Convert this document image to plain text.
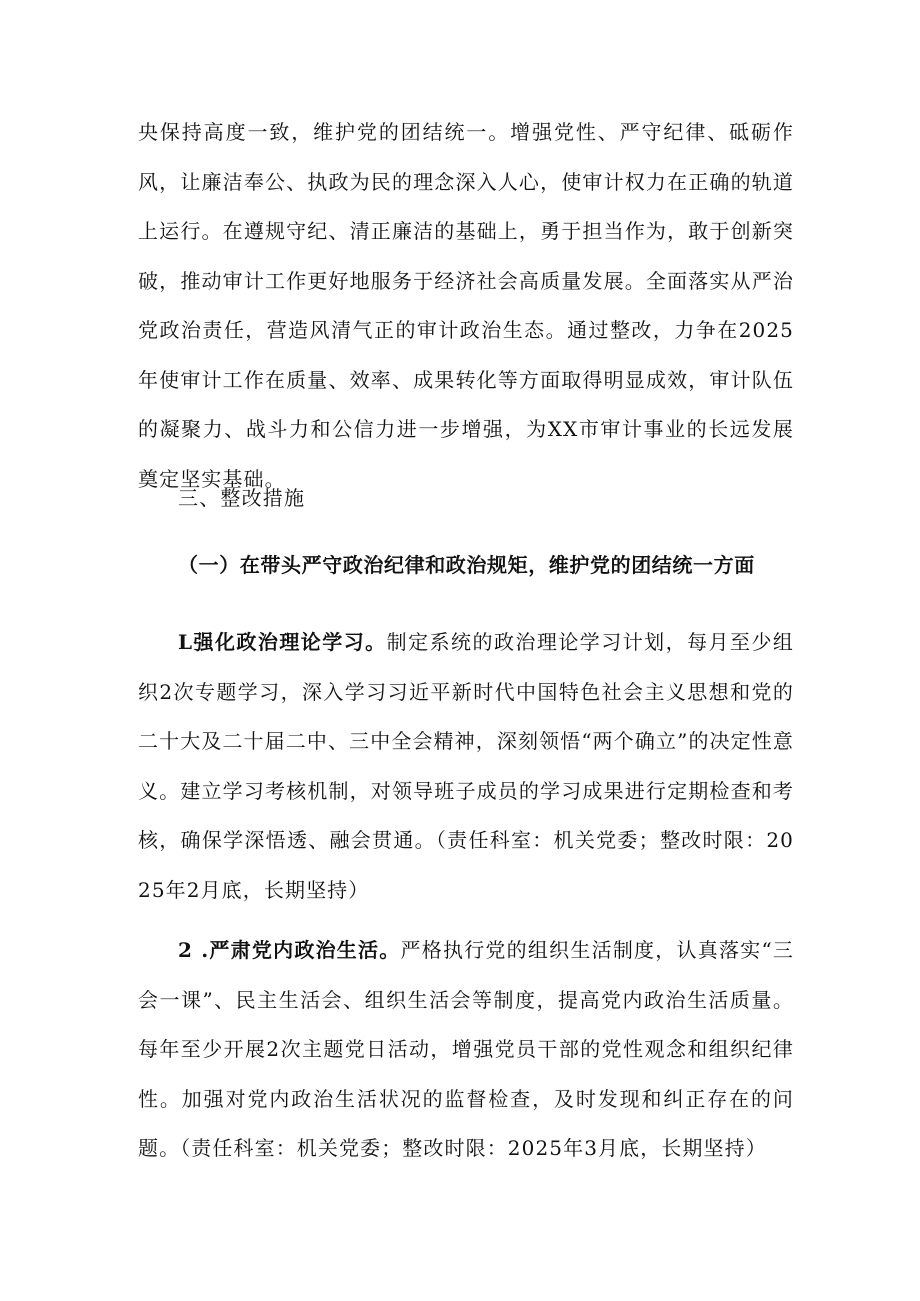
央保持高度一致，维护党的团结统一。增强党性、严守纪律、砥砺作风，让廉洁奉公、执政为民的理念深入人心，使审计权力在正确的轨道上运行。在遵规守纪、清正廉洁的基础上，勇于担当作为，敢于创新突破，推动审计工作更好地服务于经济社会高质量发展。全面落实从严治党政治责任，营造风清气正的审计政治生态。通过整改，力争在2025年使审计工作在质量、效率、成果转化等方面取得明显成效，审计队伍的凝聚力、战斗力和公信力进一步增强，为XX市审计事业的长远发展奠定坚实基础。

三、整改措施

（一）在带头严守政治纪律和政治规矩，维护党的团结统一方面

L强化政治理论学习。制定系统的政治理论学习计划，每月至少组织2次专题学习，深入学习习近平新时代中国特色社会主义思想和党的二十大及二十届二中、三中全会精神，深刻领悟“两个确立”的决定性意义。建立学习考核机制，对领导班子成员的学习成果进行定期检查和考核，确保学深悟透、融会贯通。（责任科室：机关党委；整改时限：2025年2月底，长期坚持）

2 .严肃党内政治生活。严格执行党的组织生活制度，认真落实“三会一课”、民主生活会、组织生活会等制度，提高党内政治生活质量。每年至少开展2次主题党日活动，增强党员干部的党性观念和组织纪律性。加强对党内政治生活状况的监督检查，及时发现和纠正存在的问题。（责任科室：机关党委；整改时限：2025年3月底，长期坚持）
